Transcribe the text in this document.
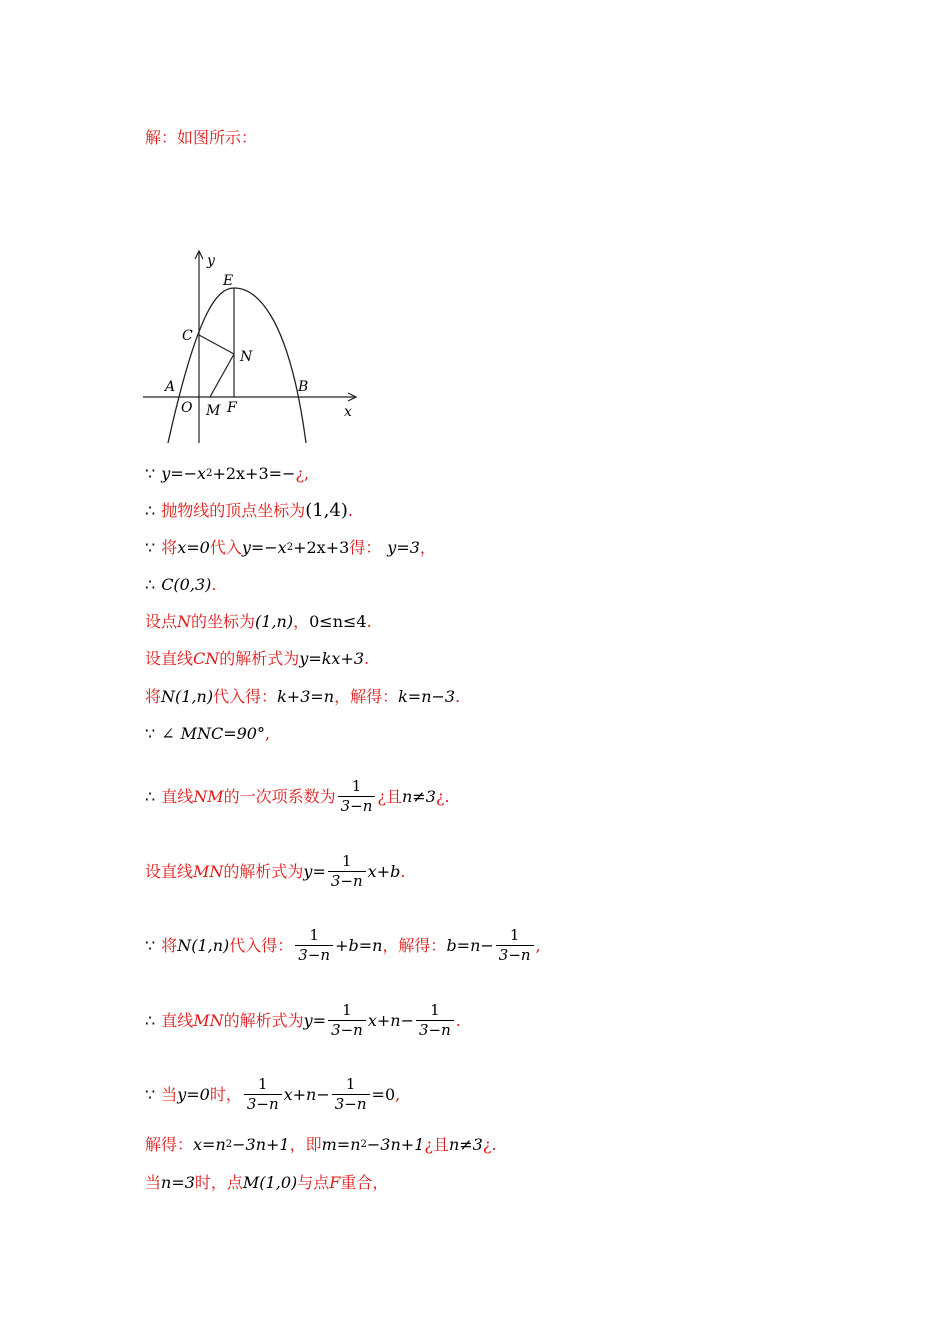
解：如图所示：
y
E
C
N
A	B
O M F	x
∵ y=−x 2 +2x+3=− ¿ ,
∴ 抛物线的顶点坐标为 (1,4) .
∵ 将 x=0 代入 y=−x 2 +2x+3 得： y=3 ，
∴ C(0,3) .
设点 N 的坐标为 (1,n) ， 0≤n≤4 .
设直线 CN 的解析式为 y=kx+3 .
将 N(1,n) 代入得： k+3=n ，解得： k=n−3 .
∵ ∠ MNC=90° ,
∴ 直线 NM 的一次项系数为 $\frac{1}{3-n}$ ¿ 且 n≠3 ¿ .
设直线 MN 的解析式为 $y= \frac{1}{3-n} x+b$ .
∵ 将 N(1,n) 代入得： $\frac{1}{3-n} +b=n$ ，解得： $b=n- \frac{1}{3-n}$ ,
∴ 直线 MN 的解析式为 $y= \frac{1}{3-n} x+n- \frac{1}{3-n}$ .
∵ 当 y=0 时， $\frac{1}{3-n} x+n- \frac{1}{3-n} =0$ ,
解得： x=n 2 −3n+1 ，即 m=n 2 −3n+1 ¿ 且 n≠3 ¿ .
当 n=3 时，点 M(1,0) 与点 F 重合，
